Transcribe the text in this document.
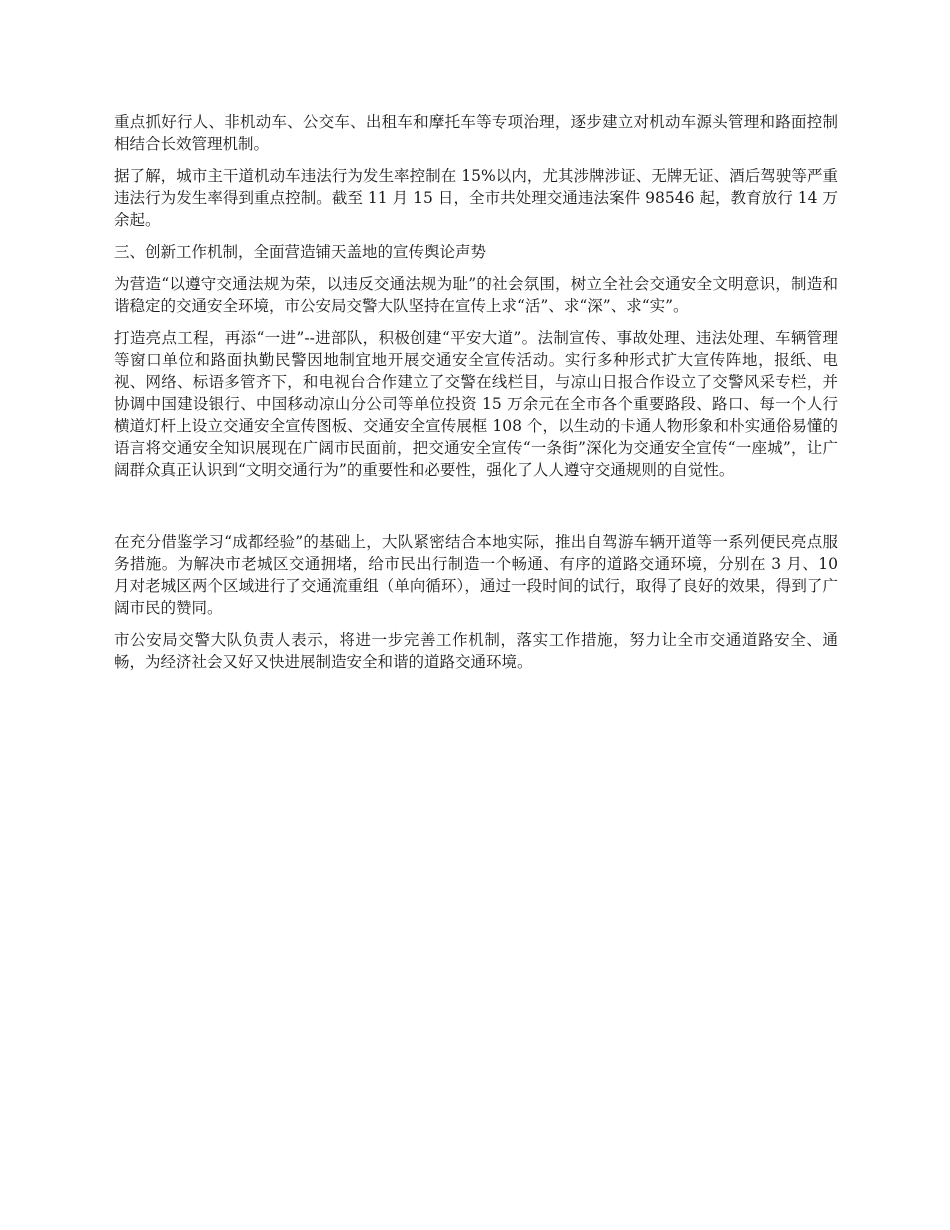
重点抓好行人、非机动车、公交车、出租车和摩托车等专项治理，逐步建立对机动车源头管理和路面控制相结合长效管理机制。

据了解，城市主干道机动车违法行为发生率控制在 15%以内，尤其涉牌涉证、无牌无证、酒后驾驶等严重违法行为发生率得到重点控制。截至 11 月 15 日，全市共处理交通违法案件 98546 起，教育放行 14 万余起。

三、创新工作机制，全面营造铺天盖地的宣传舆论声势

为营造“以遵守交通法规为荣，以违反交通法规为耻”的社会氛围，树立全社会交通安全文明意识，制造和谐稳定的交通安全环境，市公安局交警大队坚持在宣传上求“活”、求“深”、求“实”。

打造亮点工程，再添“一进”--进部队，积极创建“平安大道”。法制宣传、事故处理、违法处理、车辆管理等窗口单位和路面执勤民警因地制宜地开展交通安全宣传活动。实行多种形式扩大宣传阵地，报纸、电视、网络、标语多管齐下，和电视台合作建立了交警在线栏目，与凉山日报合作设立了交警风采专栏，并协调中国建设银行、中国移动凉山分公司等单位投资 15 万余元在全市各个重要路段、路口、每一个人行横道灯杆上设立交通安全宣传图板、交通安全宣传展框 108 个，以生动的卡通人物形象和朴实通俗易懂的语言将交通安全知识展现在广阔市民面前，把交通安全宣传“一条街”深化为交通安全宣传“一座城”，让广阔群众真正认识到“文明交通行为”的重要性和必要性，强化了人人遵守交通规则的自觉性。

在充分借鉴学习“成都经验”的基础上，大队紧密结合本地实际，推出自驾游车辆开道等一系列便民亮点服务措施。为解决市老城区交通拥堵，给市民出行制造一个畅通、有序的道路交通环境，分别在 3 月、10 月对老城区两个区域进行了交通流重组（单向循环），通过一段时间的试行，取得了良好的效果，得到了广阔市民的赞同。

市公安局交警大队负责人表示，将进一步完善工作机制，落实工作措施，努力让全市交通道路安全、通畅，为经济社会又好又快进展制造安全和谐的道路交通环境。
